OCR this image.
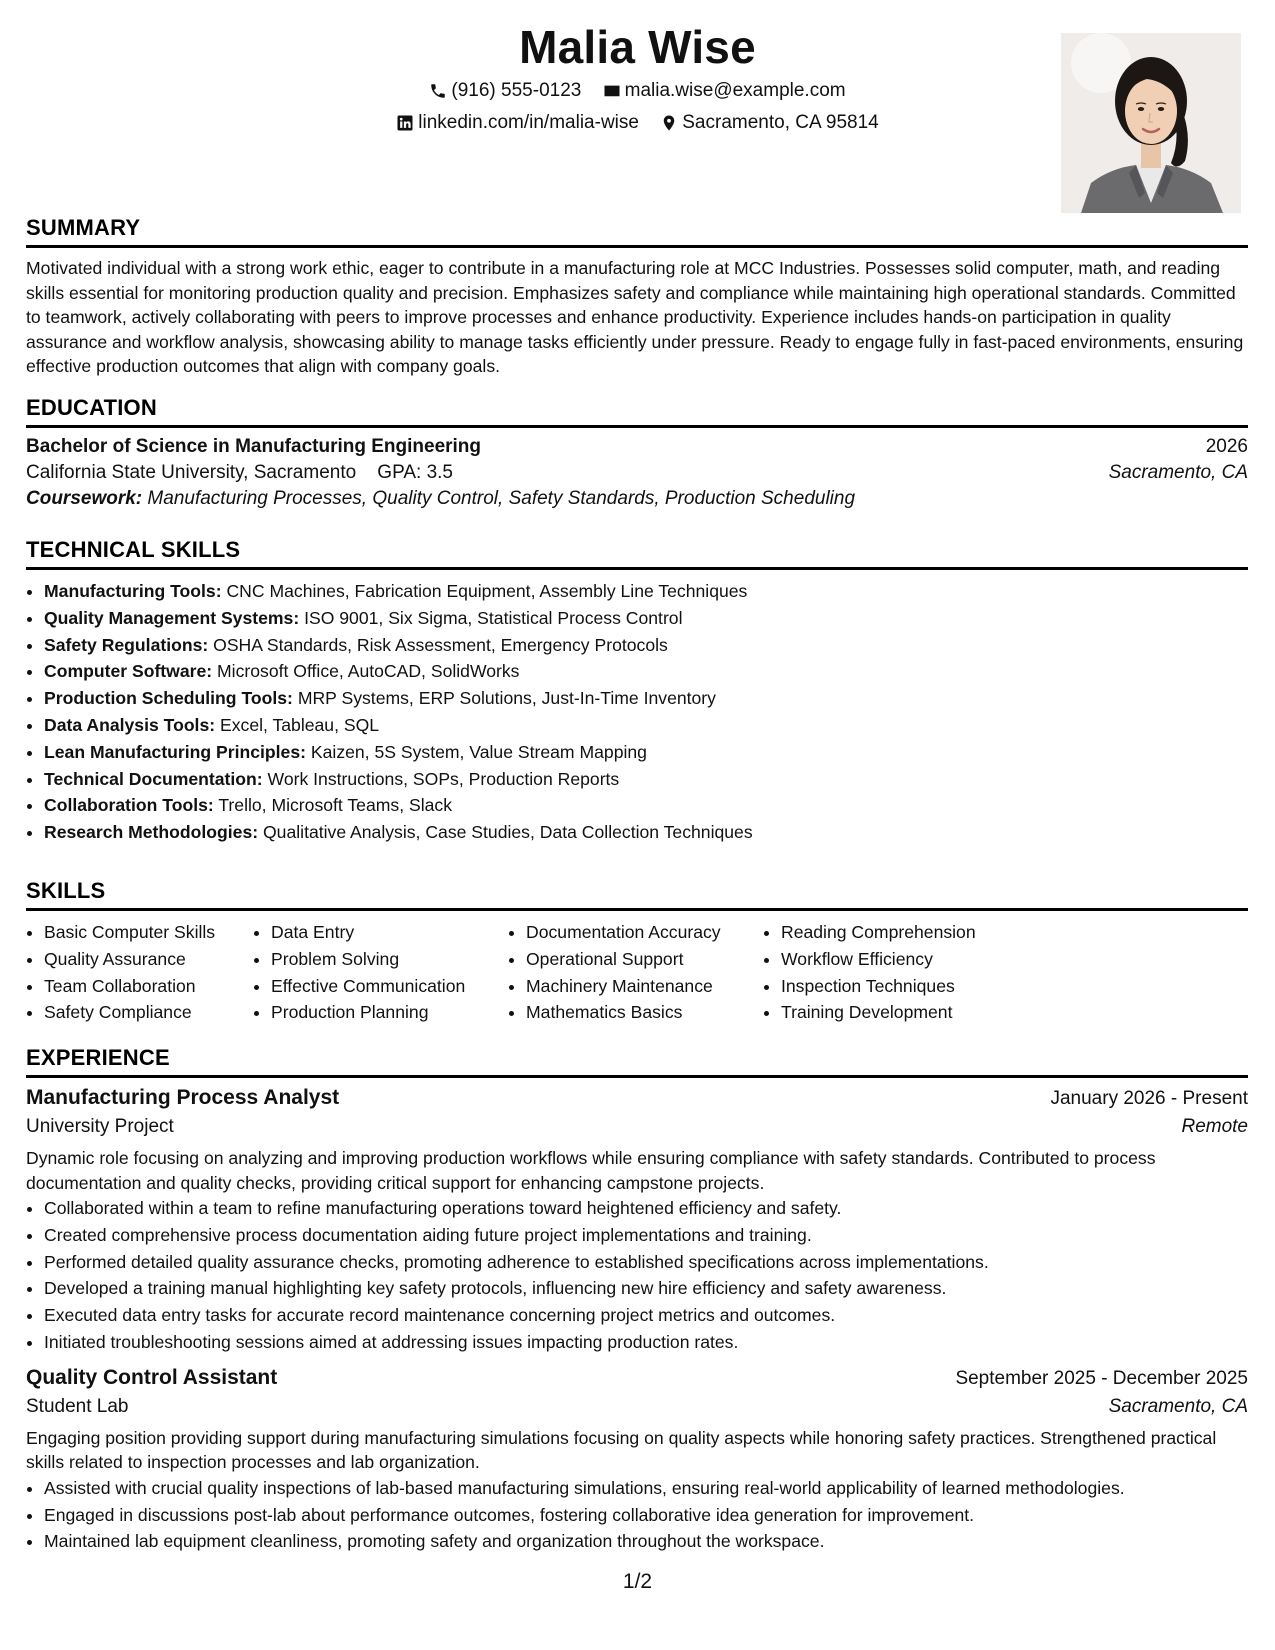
Malia Wise
(916) 555-0123
malia.wise@example.com
linkedin.com/in/malia-wise
Sacramento, CA 95814
SUMMARY

Motivated individual with a strong work ethic, eager to contribute in a manufacturing role at MCC Industries. Possesses solid computer, math, and reading skills essential for monitoring production quality and precision. Emphasizes safety and compliance while maintaining high operational standards. Committed to teamwork, actively collaborating with peers to improve processes and enhance productivity. Experience includes hands-on participation in quality assurance and workflow analysis, showcasing ability to manage tasks efficiently under pressure. Ready to engage fully in fast-paced environments, ensuring effective production outcomes that align with company goals.

EDUCATION
Bachelor of Science in Manufacturing Engineering	2026
California State University, Sacramento GPA: 3.5	Sacramento, CA
Coursework: Manufacturing Processes, Quality Control, Safety Standards, Production Scheduling
TECHNICAL SKILLS
• Manufacturing Tools: CNC Machines, Fabrication Equipment, Assembly Line Techniques
• Quality Management Systems: ISO 9001, Six Sigma, Statistical Process Control
• Safety Regulations: OSHA Standards, Risk Assessment, Emergency Protocols
• Computer Software: Microsoft Office, AutoCAD, SolidWorks
• Production Scheduling Tools: MRP Systems, ERP Solutions, Just-In-Time Inventory
• Data Analysis Tools: Excel, Tableau, SQL
• Lean Manufacturing Principles: Kaizen, 5S System, Value Stream Mapping
• Technical Documentation: Work Instructions, SOPs, Production Reports
• Collaboration Tools: Trello, Microsoft Teams, Slack
• Research Methodologies: Qualitative Analysis, Case Studies, Data Collection Techniques
SKILLS
• Basic Computer Skills
• Quality Assurance
• Team Collaboration
• Safety Compliance
• Data Entry
• Problem Solving
• Effective Communication
• Production Planning
• Documentation Accuracy
• Operational Support
• Machinery Maintenance
• Mathematics Basics
• Reading Comprehension
• Workflow Efficiency
• Inspection Techniques
• Training Development
EXPERIENCE
Manufacturing Process Analyst	January 2026 - Present
University Project	Remote

Dynamic role focusing on analyzing and improving production workflows while ensuring compliance with safety standards. Contributed to process documentation and quality checks, providing critical support for enhancing campstone projects.

• Collaborated within a team to refine manufacturing operations toward heightened efficiency and safety.
• Created comprehensive process documentation aiding future project implementations and training.
• Performed detailed quality assurance checks, promoting adherence to established specifications across implementations.
• Developed a training manual highlighting key safety protocols, influencing new hire efficiency and safety awareness.
• Executed data entry tasks for accurate record maintenance concerning project metrics and outcomes.
• Initiated troubleshooting sessions aimed at addressing issues impacting production rates.
Quality Control Assistant	September 2025 - December 2025
Student Lab	Sacramento, CA

Engaging position providing support during manufacturing simulations focusing on quality aspects while honoring safety practices. Strengthened practical skills related to inspection processes and lab organization.

• Assisted with crucial quality inspections of lab-based manufacturing simulations, ensuring real-world applicability of learned methodologies.
• Engaged in discussions post-lab about performance outcomes, fostering collaborative idea generation for improvement.
• Maintained lab equipment cleanliness, promoting safety and organization throughout the workspace.
1/2
